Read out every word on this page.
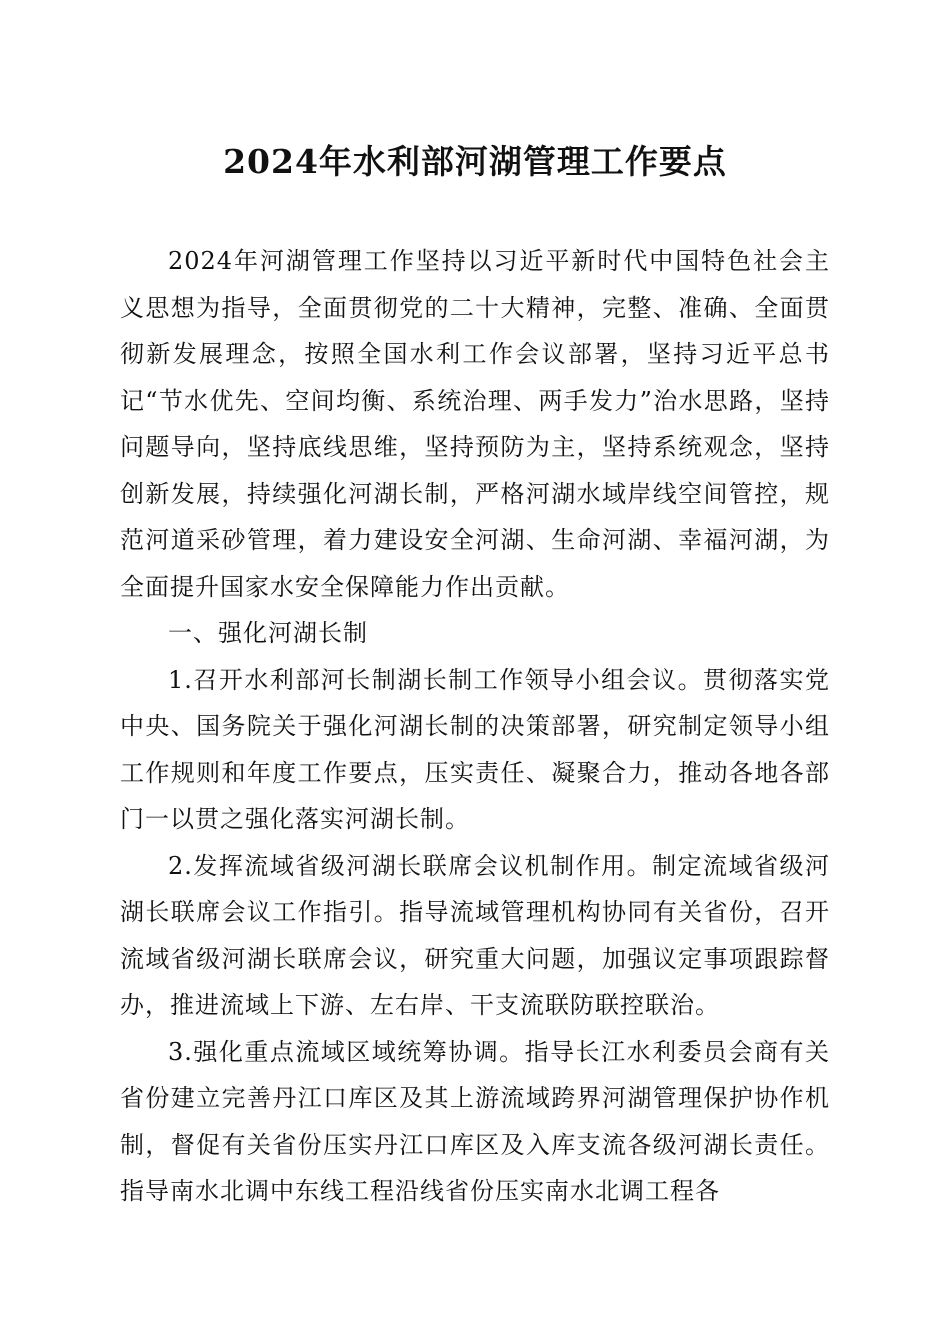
2024年水利部河湖管理工作要点

2024年河湖管理工作坚持以习近平新时代中国特色社会主义思想为指导，全面贯彻党的二十大精神，完整、准确、全面贯彻新发展理念，按照全国水利工作会议部署，坚持习近平总书记“节水优先、空间均衡、系统治理、两手发力”治水思路，坚持问题导向，坚持底线思维，坚持预防为主，坚持系统观念，坚持创新发展，持续强化河湖长制，严格河湖水域岸线空间管控，规范河道采砂管理，着力建设安全河湖、生命河湖、幸福河湖，为全面提升国家水安全保障能力作出贡献。

一、强化河湖长制

1.召开水利部河长制湖长制工作领导小组会议。贯彻落实党中央、国务院关于强化河湖长制的决策部署，研究制定领导小组工作规则和年度工作要点，压实责任、凝聚合力，推动各地各部门一以贯之强化落实河湖长制。

2.发挥流域省级河湖长联席会议机制作用。制定流域省级河湖长联席会议工作指引。指导流域管理机构协同有关省份，召开流域省级河湖长联席会议，研究重大问题，加强议定事项跟踪督办，推进流域上下游、左右岸、干支流联防联控联治。

3.强化重点流域区域统筹协调。指导长江水利委员会商有关省份建立完善丹江口库区及其上游流域跨界河湖管理保护协作机制，督促有关省份压实丹江口库区及入库支流各级河湖长责任。指导南水北调中东线工程沿线省份压实南水北调工程各
